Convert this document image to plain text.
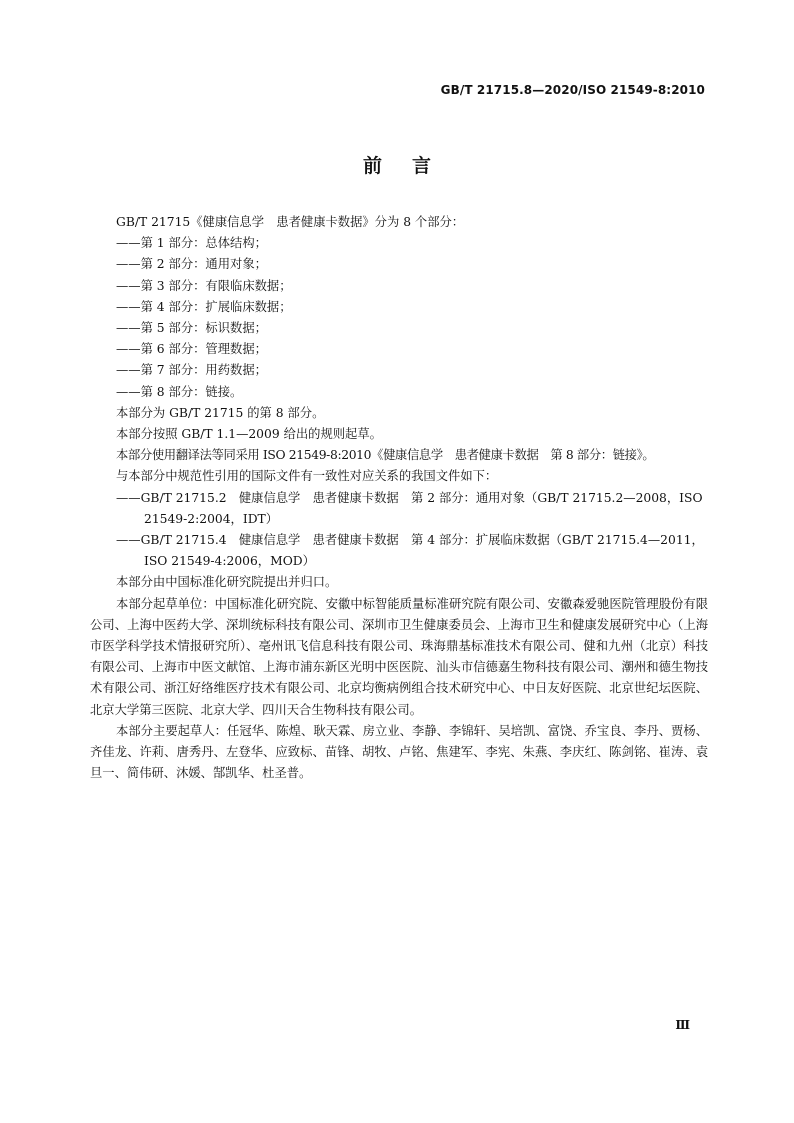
GB/T 21715.8—2020/ISO 21549-8:2010
前言

GB/T 21715《健康信息学　患者健康卡数据》分为 8 个部分：

——第 1 部分：总体结构；

——第 2 部分：通用对象；

——第 3 部分：有限临床数据；

——第 4 部分：扩展临床数据；

——第 5 部分：标识数据；

——第 6 部分：管理数据；

——第 7 部分：用药数据；

——第 8 部分：链接。

本部分为 GB/T 21715 的第 8 部分。

本部分按照 GB/T 1.1—2009 给出的规则起草。

本部分使用翻译法等同采用 ISO 21549-8:2010《健康信息学　患者健康卡数据　第 8 部分：链接》。

与本部分中规范性引用的国际文件有一致性对应关系的我国文件如下：

——GB/T 21715.2　健康信息学　患者健康卡数据　第 2 部分：通用对象（GB/T 21715.2—2008，ISO 21549-2:2004，IDT）

——GB/T 21715.4　健康信息学　患者健康卡数据　第 4 部分：扩展临床数据（GB/T 21715.4—2011，ISO 21549-4:2006，MOD）

本部分由中国标准化研究院提出并归口。

本部分起草单位：中国标准化研究院、安徽中标智能质量标准研究院有限公司、安徽森爱驰医院管理股份有限公司、上海中医药大学、深圳统标科技有限公司、深圳市卫生健康委员会、上海市卫生和健康发展研究中心（上海市医学科学技术情报研究所）、亳州讯飞信息科技有限公司、珠海鼎基标准技术有限公司、健和九州（北京）科技有限公司、上海市中医文献馆、上海市浦东新区光明中医医院、汕头市信德嘉生物科技有限公司、潮州和德生物技术有限公司、浙江好络维医疗技术有限公司、北京均衡病例组合技术研究中心、中日友好医院、北京世纪坛医院、北京大学第三医院、北京大学、四川天合生物科技有限公司。

本部分主要起草人：任冠华、陈煌、耿天霖、房立业、李静、李锦轩、吴培凯、富饶、乔宝良、李丹、贾杨、齐佳龙、许莉、唐秀丹、左登华、应致标、苗锋、胡牧、卢铭、焦建军、李宪、朱燕、李庆红、陈剑铭、崔涛、袁旦一、简伟研、沐媛、郜凯华、杜圣普。

Ⅲ
